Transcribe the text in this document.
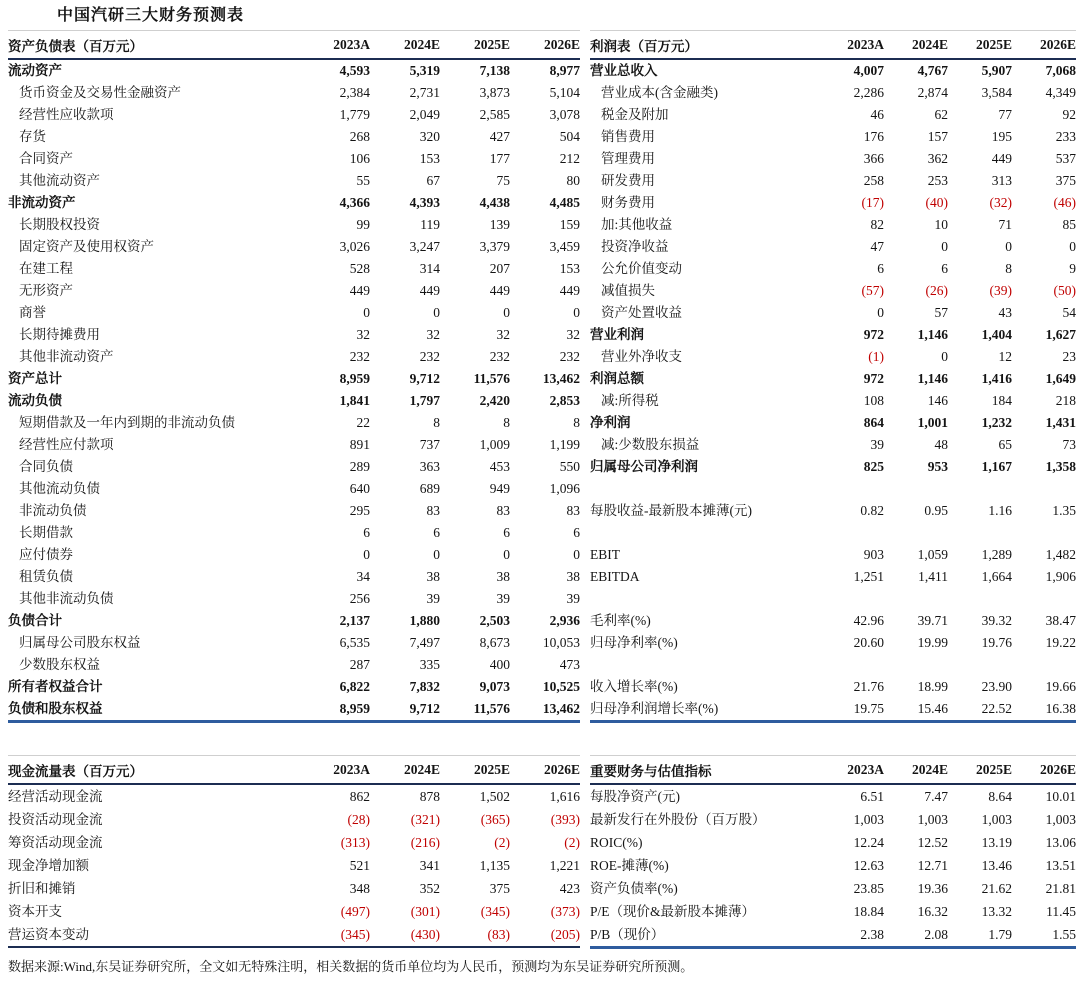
中国汽研三大财务预测表
资产负债表（百万元）	2023A	2024E	2025E	2026E
流动资产	4,593	5,319	7,138	8,977
货币资金及交易性金融资产	2,384	2,731	3,873	5,104
经营性应收款项	1,779	2,049	2,585	3,078
存货	268	320	427	504
合同资产	106	153	177	212
其他流动资产	55	67	75	80
非流动资产	4,366	4,393	4,438	4,485
长期股权投资	99	119	139	159
固定资产及使用权资产	3,026	3,247	3,379	3,459
在建工程	528	314	207	153
无形资产	449	449	449	449
商誉	0	0	0	0
长期待摊费用	32	32	32	32
其他非流动资产	232	232	232	232
资产总计	8,959	9,712	11,576	13,462
流动负债	1,841	1,797	2,420	2,853
短期借款及一年内到期的非流动负债	22	8	8	8
经营性应付款项	891	737	1,009	1,199
合同负债	289	363	453	550
其他流动负债	640	689	949	1,096
非流动负债	295	83	83	83
长期借款	6	6	6	6
应付债券	0	0	0	0
租赁负债	34	38	38	38
其他非流动负债	256	39	39	39
负债合计	2,137	1,880	2,503	2,936
归属母公司股东权益	6,535	7,497	8,673	10,053
少数股东权益	287	335	400	473
所有者权益合计	6,822	7,832	9,073	10,525
负债和股东权益	8,959	9,712	11,576	13,462
利润表（百万元）	2023A	2024E	2025E	2026E
营业总收入	4,007	4,767	5,907	7,068
营业成本(含金融类)	2,286	2,874	3,584	4,349
税金及附加	46	62	77	92
销售费用	176	157	195	233
管理费用	366	362	449	537
研发费用	258	253	313	375
财务费用	(17)	(40)	(32)	(46)
加:其他收益	82	10	71	85
投资净收益	47	0	0	0
公允价值变动	6	6	8	9
减值损失	(57)	(26)	(39)	(50)
资产处置收益	0	57	43	54
营业利润	972	1,146	1,404	1,627
营业外净收支	(1)	0	12	23
利润总额	972	1,146	1,416	1,649
减:所得税	108	146	184	218
净利润	864	1,001	1,232	1,431
减:少数股东损益	39	48	65	73
归属母公司净利润	825	953	1,167	1,358

每股收益-最新股本摊薄(元)	0.82	0.95	1.16	1.35

EBIT	903	1,059	1,289	1,482
EBITDA	1,251	1,411	1,664	1,906

毛利率(%)	42.96	39.71	39.32	38.47
归母净利率(%)	20.60	19.99	19.76	19.22

收入增长率(%)	21.76	18.99	23.90	19.66
归母净利润增长率(%)	19.75	15.46	22.52	16.38
现金流量表（百万元）	2023A	2024E	2025E	2026E
经营活动现金流	862	878	1,502	1,616
投资活动现金流	(28)	(321)	(365)	(393)
筹资活动现金流	(313)	(216)	(2)	(2)
现金净增加额	521	341	1,135	1,221
折旧和摊销	348	352	375	423
资本开支	(497)	(301)	(345)	(373)
营运资本变动	(345)	(430)	(83)	(205)
重要财务与估值指标	2023A	2024E	2025E	2026E
每股净资产(元)	6.51	7.47	8.64	10.01
最新发行在外股份（百万股）	1,003	1,003	1,003	1,003
ROIC(%)	12.24	12.52	13.19	13.06
ROE-摊薄(%)	12.63	12.71	13.46	13.51
资产负债率(%)	23.85	19.36	21.62	21.81
P/E（现价&最新股本摊薄）	18.84	16.32	13.32	11.45
P/B（现价）	2.38	2.08	1.79	1.55

数据来源:Wind,东吴证券研究所，全文如无特殊注明，相关数据的货币单位均为人民币，预测均为东吴证券研究所预测。
